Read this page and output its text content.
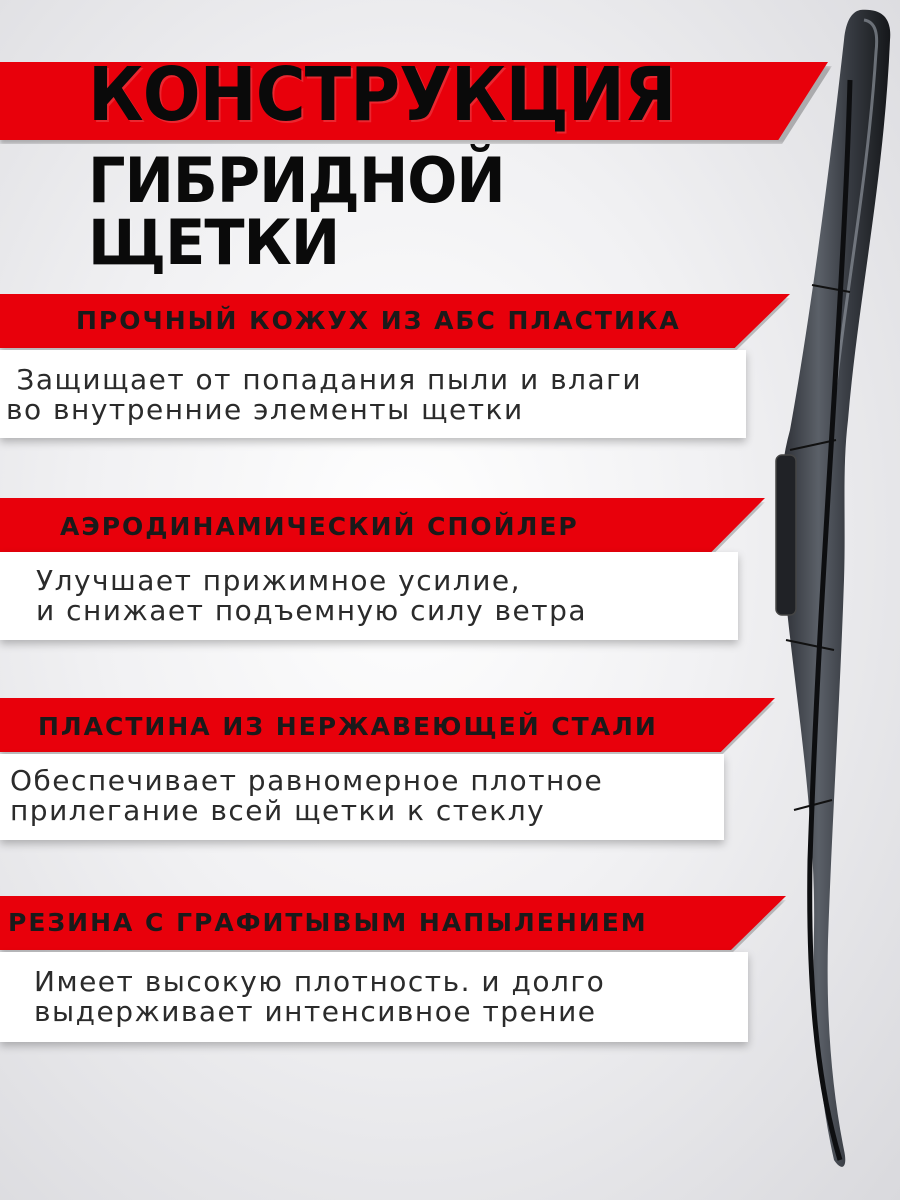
КОНСТРУКЦИЯ
ГИБРИДНОЙ
ЩЕТКИ

ПРОЧНЫЙ КОЖУХ ИЗ АБС ПЛАСТИКА

Защищает от попадания пыли и влаги

во внутренние элементы щетки

АЭРОДИНАМИЧЕСКИЙ СПОЙЛЕР

Улучшает прижимное усилие,

и снижает подъемную силу ветра

ПЛАСТИНА ИЗ НЕРЖАВЕЮЩЕЙ СТАЛИ

Обеспечивает равномерное плотное

прилегание всей щетки к стеклу

РЕЗИНА С ГРАФИТЫВЫМ НАПЫЛЕНИЕМ

Имеет высокую плотность. и долго

выдерживает интенсивное трение
